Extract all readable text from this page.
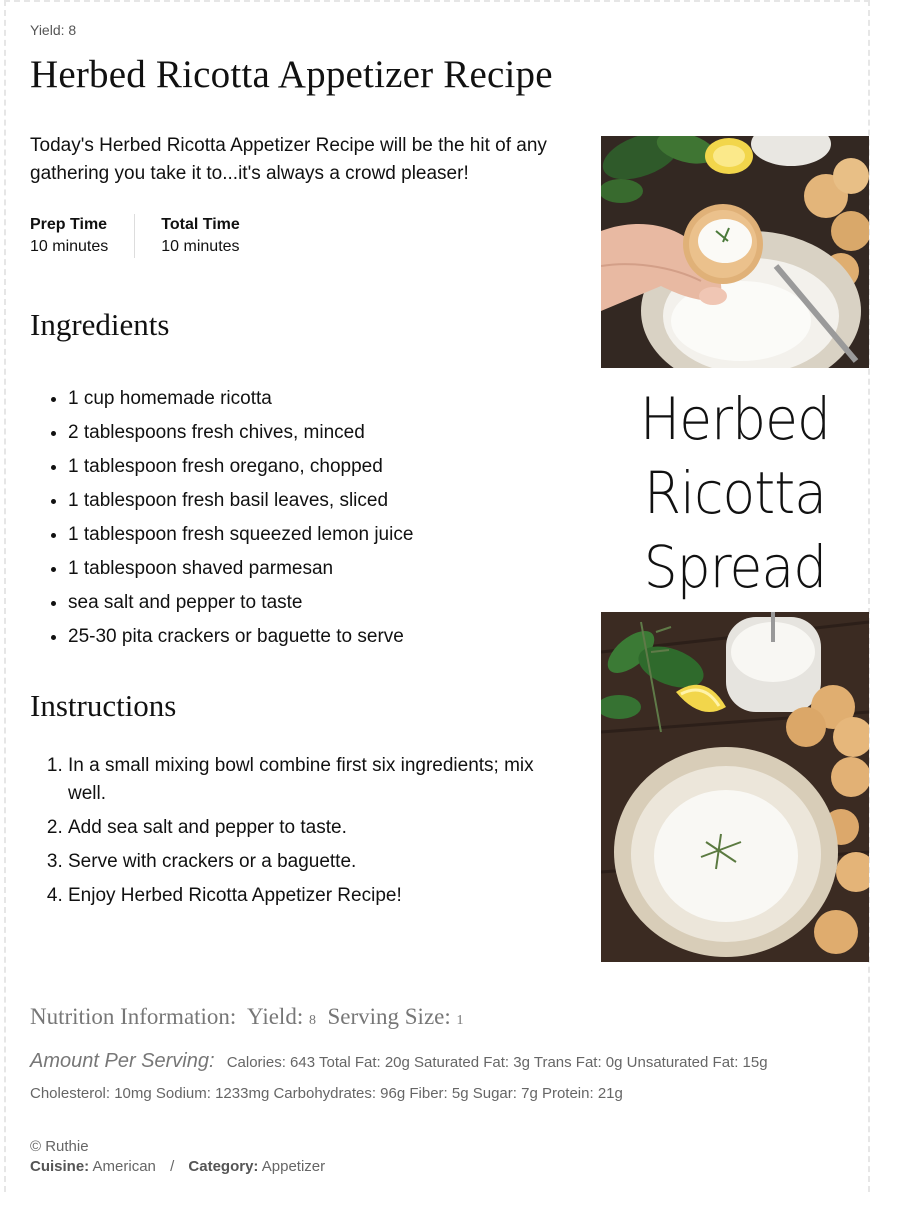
Yield: 8
Herbed Ricotta Appetizer Recipe

Today's Herbed Ricotta Appetizer Recipe will be the hit of any gathering you take it to...it's always a crowd pleaser!

Prep Time
10 minutes
Total Time
10 minutes
Ingredients
• 1 cup homemade ricotta
• 2 tablespoons fresh chives, minced
• 1 tablespoon fresh oregano, chopped
• 1 tablespoon fresh basil leaves, sliced
• 1 tablespoon fresh squeezed lemon juice
• 1 tablespoon shaved parmesan
• sea salt and pepper to taste
• 25-30 pita crackers or baguette to serve
Instructions
1. In a small mixing bowl combine first six ingredients; mix well.
2. Add sea salt and pepper to taste.
3. Serve with crackers or a baguette.
4. Enjoy Herbed Ricotta Appetizer Recipe!
Herbed
Ricotta
Spread
Nutrition Information: Yield: 8 Serving Size: 1
Amount Per Serving: Calories: 643 Total Fat: 20g Saturated Fat: 3g Trans Fat: 0g Unsaturated Fat: 15g
Cholesterol: 10mg Sodium: 1233mg Carbohydrates: 96g Fiber: 5g Sugar: 7g Protein: 21g
© Ruthie
Cuisine: American / Category: Appetizer
